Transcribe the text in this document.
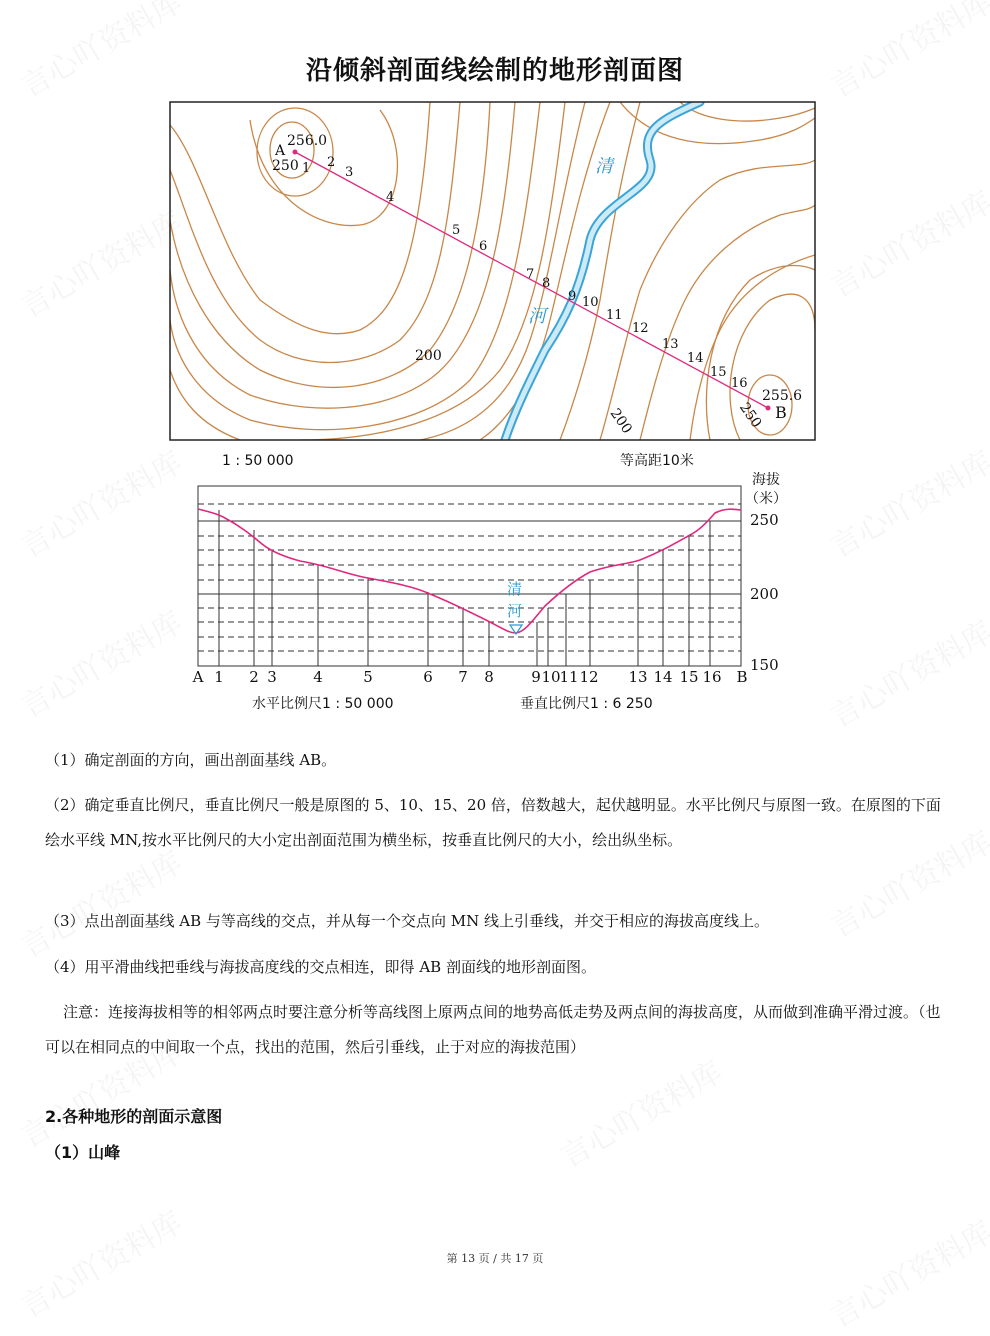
沿倾斜剖面线绘制的地形剖面图
A
B
256.0
255.6
250
200
200	250
清
河
1 2
3
4
5
6
7
8
9 10
11
12
13
14
15
16
1 : 50 000	等高距10米
清
河
海拔
（米）
250
200
150
A 1 2 3 4	5	6 7 8 9 10
11 12 13 14 15 16 B
水平比例尺1 : 50 000	垂直比例尺1 : 6 250

（1）确定剖面的方向，画出剖面基线 AB。

（2）确定垂直比例尺，垂直比例尺一般是原图的 5、10、15、20 倍，倍数越大，起伏越明显。水平比例尺与原图一致。在原图的下面绘水平线 MN,按水平比例尺的大小定出剖面范围为横坐标，按垂直比例尺的大小，绘出纵坐标。

（3）点出剖面基线 AB 与等高线的交点，并从每一个交点向 MN 线上引垂线，并交于相应的海拔高度线上。

（4）用平滑曲线把垂线与海拔高度线的交点相连，即得 AB 剖面线的地形剖面图。

注意：连接海拔相等的相邻两点时要注意分析等高线图上原两点间的地势高低走势及两点间的海拔高度，从而做到准确平滑过渡。（也可以在相同点的中间取一个点，找出的范围，然后引垂线，止于对应的海拔范围）

2.各种地形的剖面示意图
（1）山峰
第 13 页 / 共 17 页
